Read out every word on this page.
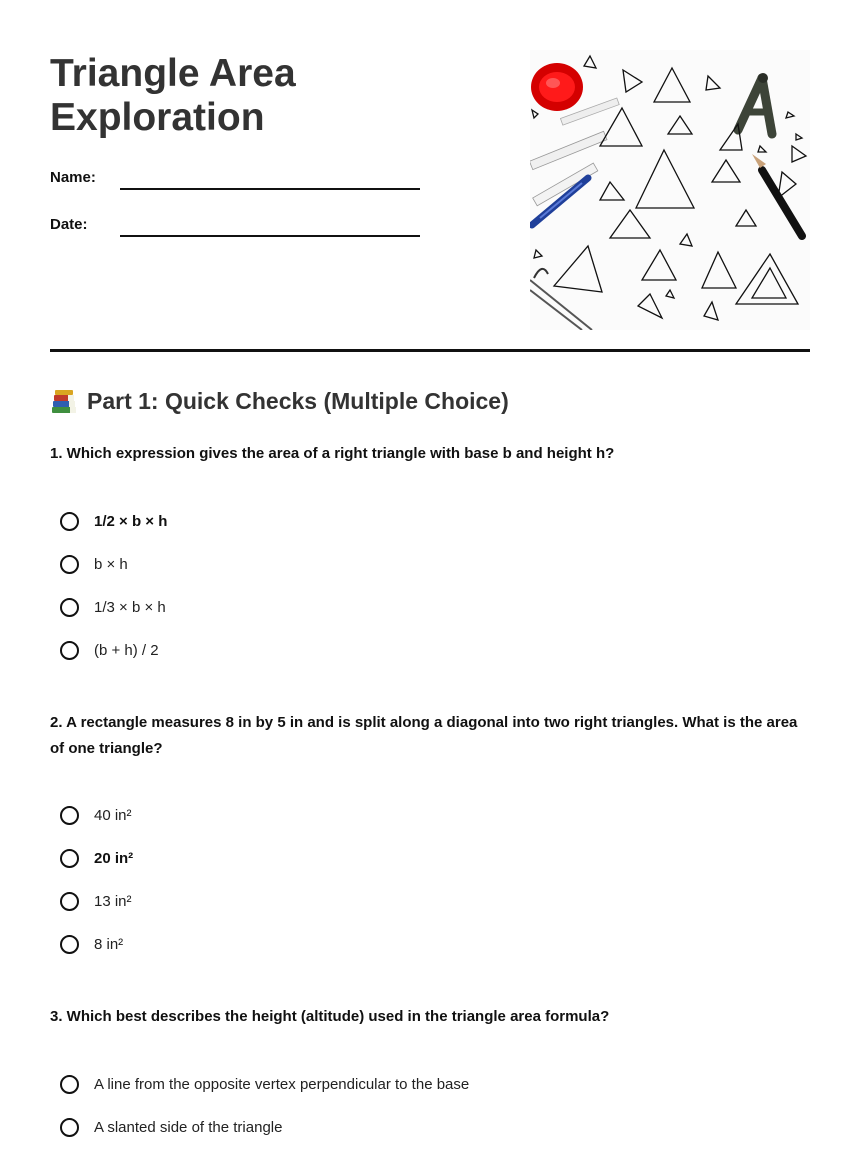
Triangle Area
Exploration
Name:
Date:
Part 1: Quick Checks (Multiple Choice)

1. Which expression gives the area of a right triangle with base b and height h?

1/2 × b × h
b × h
1/3 × b × h
(b + h) / 2

2. A rectangle measures 8 in by 5 in and is split along a diagonal into two right triangles. What is the area of one triangle?

40 in²
20 in²
13 in²
8 in²

3. Which best describes the height (altitude) used in the triangle area formula?

A line from the opposite vertex perpendicular to the base
A slanted side of the triangle
